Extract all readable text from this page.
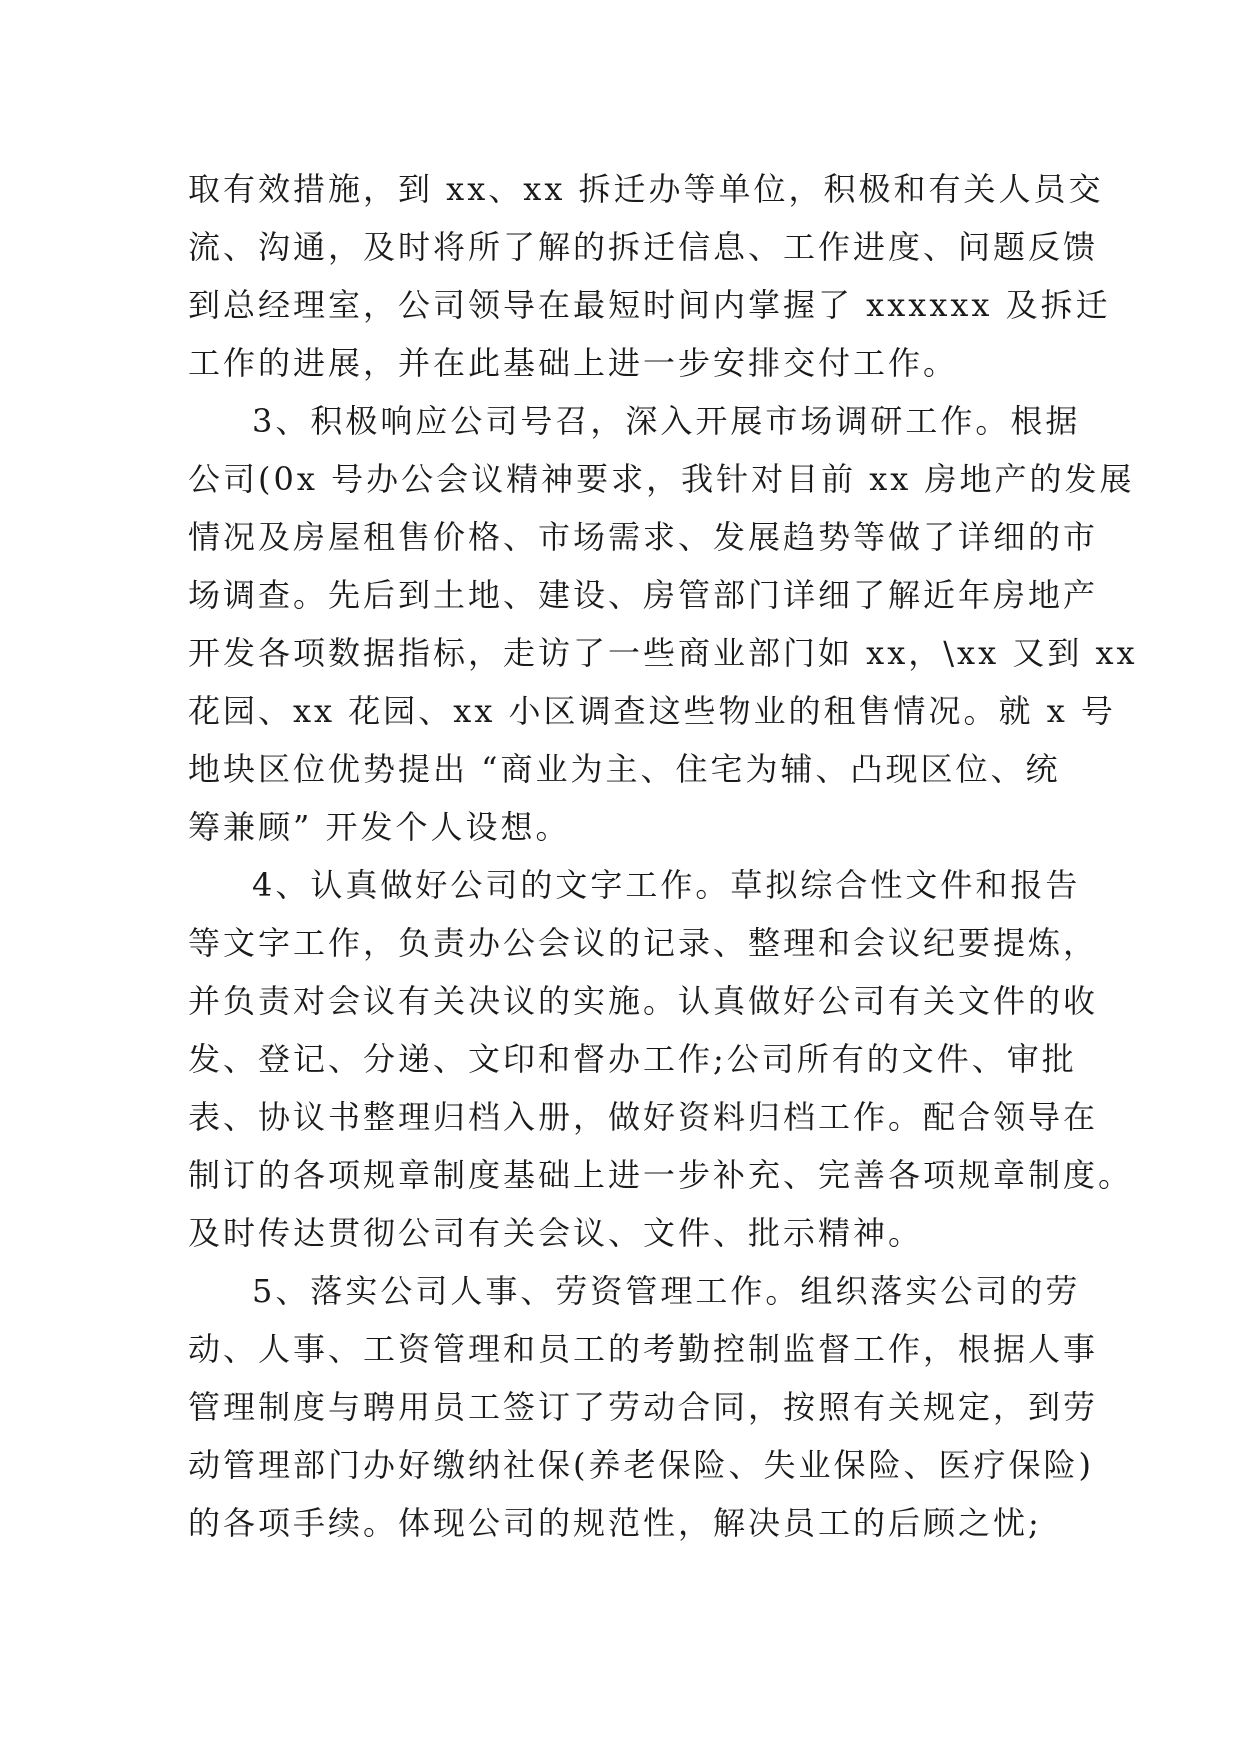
取有效措施，到 xx、xx 拆迁办等单位，积极和有关人员交
流、沟通，及时将所了解的拆迁信息、工作进度、问题反馈
到总经理室，公司领导在最短时间内掌握了 xxxxxx 及拆迁
工作的进展，并在此基础上进一步安排交付工作。
3、积极响应公司号召，深入开展市场调研工作。根据
公司(0x 号办公会议精神要求，我针对目前 xx 房地产的发展
情况及房屋租售价格、市场需求、发展趋势等做了详细的市
场调查。先后到土地、建设、房管部门详细了解近年房地产
开发各项数据指标，走访了一些商业部门如 xx，\xx 又到 xx
花园、xx 花园、xx 小区调查这些物业的租售情况。就 x 号
地块区位优势提出 “商业为主、住宅为辅、凸现区位、统
筹兼顾” 开发个人设想。
4、认真做好公司的文字工作。草拟综合性文件和报告
等文字工作，负责办公会议的记录、整理和会议纪要提炼，
并负责对会议有关决议的实施。认真做好公司有关文件的收
发、登记、分递、文印和督办工作;公司所有的文件、审批
表、协议书整理归档入册，做好资料归档工作。配合领导在
制订的各项规章制度基础上进一步补充、完善各项规章制度。
及时传达贯彻公司有关会议、文件、批示精神。
5、落实公司人事、劳资管理工作。组织落实公司的劳
动、人事、工资管理和员工的考勤控制监督工作，根据人事
管理制度与聘用员工签订了劳动合同，按照有关规定，到劳
动管理部门办好缴纳社保(养老保险、失业保险、医疗保险)
的各项手续。体现公司的规范性，解决员工的后顾之忧;
